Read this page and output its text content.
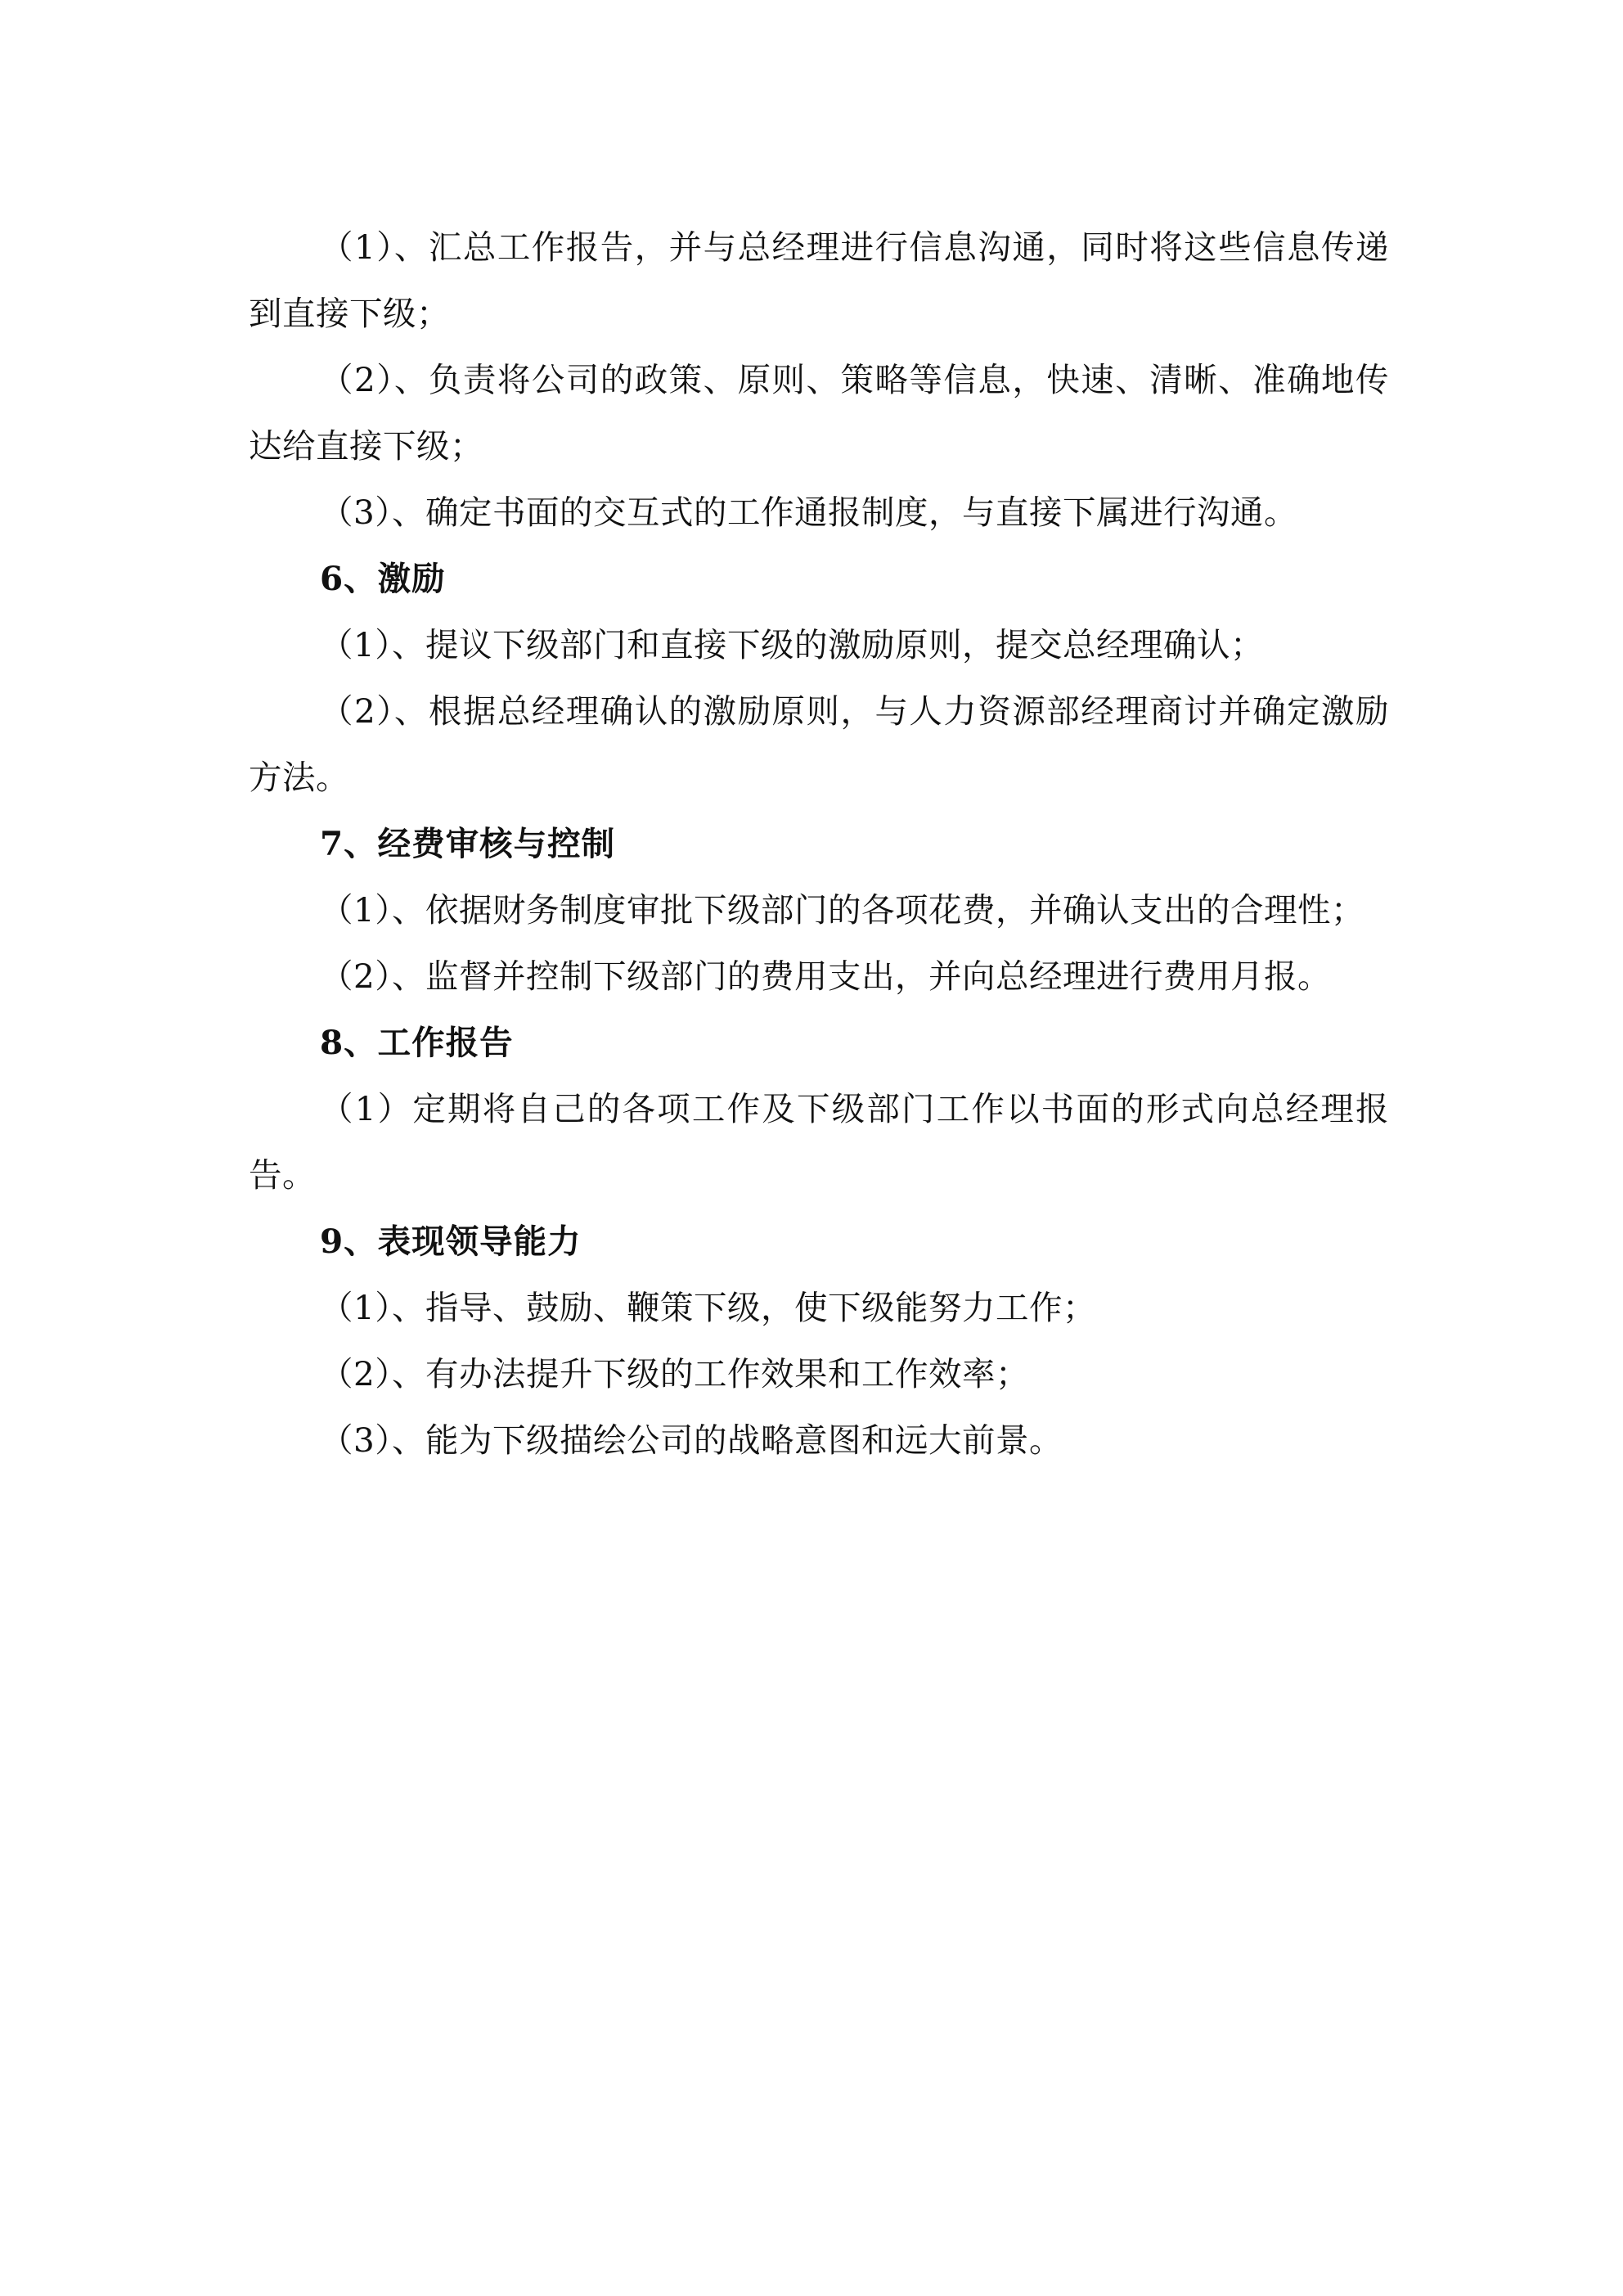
（1）、汇总工作报告，并与总经理进行信息沟通，同时将这些信息传递到直接下级；

（2）、负责将公司的政策、原则、策略等信息，快速、清晰、准确地传达给直接下级；

（3）、确定书面的交互式的工作通报制度，与直接下属进行沟通。

6、激励

（1）、提议下级部门和直接下级的激励原则，提交总经理确认；

（2）、根据总经理确认的激励原则，与人力资源部经理商讨并确定激励方法。

7、经费审核与控制

（1）、依据财务制度审批下级部门的各项花费，并确认支出的合理性；

（2）、监督并控制下级部门的费用支出，并向总经理进行费用月报。

8、工作报告

（1）定期将自己的各项工作及下级部门工作以书面的形式向总经理报告。

9、表现领导能力

（1）、指导、鼓励、鞭策下级，使下级能努力工作；

（2）、有办法提升下级的工作效果和工作效率；

（3）、能为下级描绘公司的战略意图和远大前景。
